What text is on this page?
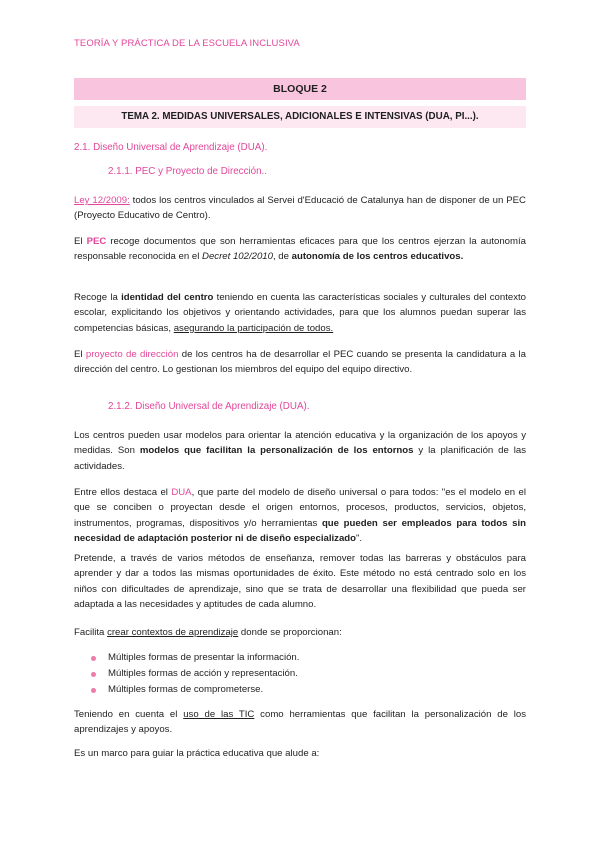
TEORÍA Y PRÁCTICA DE LA ESCUELA INCLUSIVA
BLOQUE 2
TEMA 2. MEDIDAS UNIVERSALES, ADICIONALES E INTENSIVAS (DUA, PI...).
2.1. Diseño Universal de Aprendizaje (DUA).
2.1.1. PEC y Proyecto de Dirección..
Ley 12/2009: todos los centros vinculados al Servei d'Educació de Catalunya han de disponer de un PEC (Proyecto Educativo de Centro).
El PEC recoge documentos que son herramientas eficaces para que los centros ejerzan la autonomía responsable reconocida en el Decret 102/2010, de autonomía de los centros educativos.
Recoge la identidad del centro teniendo en cuenta las características sociales y culturales del contexto escolar, explicitando los objetivos y orientando actividades, para que los alumnos puedan superar las competencias básicas, asegurando la participación de todos.
El proyecto de dirección de los centros ha de desarrollar el PEC cuando se presenta la candidatura a la dirección del centro. Lo gestionan los miembros del equipo del equipo directivo.
2.1.2. Diseño Universal de Aprendizaje (DUA).
Los centros pueden usar modelos para orientar la atención educativa y la organización de los apoyos y medidas. Son modelos que facilitan la personalización de los entornos y la planificación de las actividades.
Entre ellos destaca el DUA, que parte del modelo de diseño universal o para todos: "es el modelo en el que se conciben o proyectan desde el origen entornos, procesos, productos, servicios, objetos, instrumentos, programas, dispositivos y/o herramientas que pueden ser empleados para todos sin necesidad de adaptación posterior ni de diseño especializado".
Pretende, a través de varios métodos de enseñanza, remover todas las barreras y obstáculos para aprender y dar a todos las mismas oportunidades de éxito. Este método no está centrado solo en los niños con dificultades de aprendizaje, sino que se trata de desarrollar una flexibilidad que pueda ser adaptada a las necesidades y aptitudes de cada alumno.
Facilita crear contextos de aprendizaje donde se proporcionan:
Múltiples formas de presentar la información.
Múltiples formas de acción y representación.
Múltiples formas de comprometerse.
Teniendo en cuenta el uso de las TIC como herramientas que facilitan la personalización de los aprendizajes y apoyos.
Es un marco para guiar la práctica educativa que alude a:
